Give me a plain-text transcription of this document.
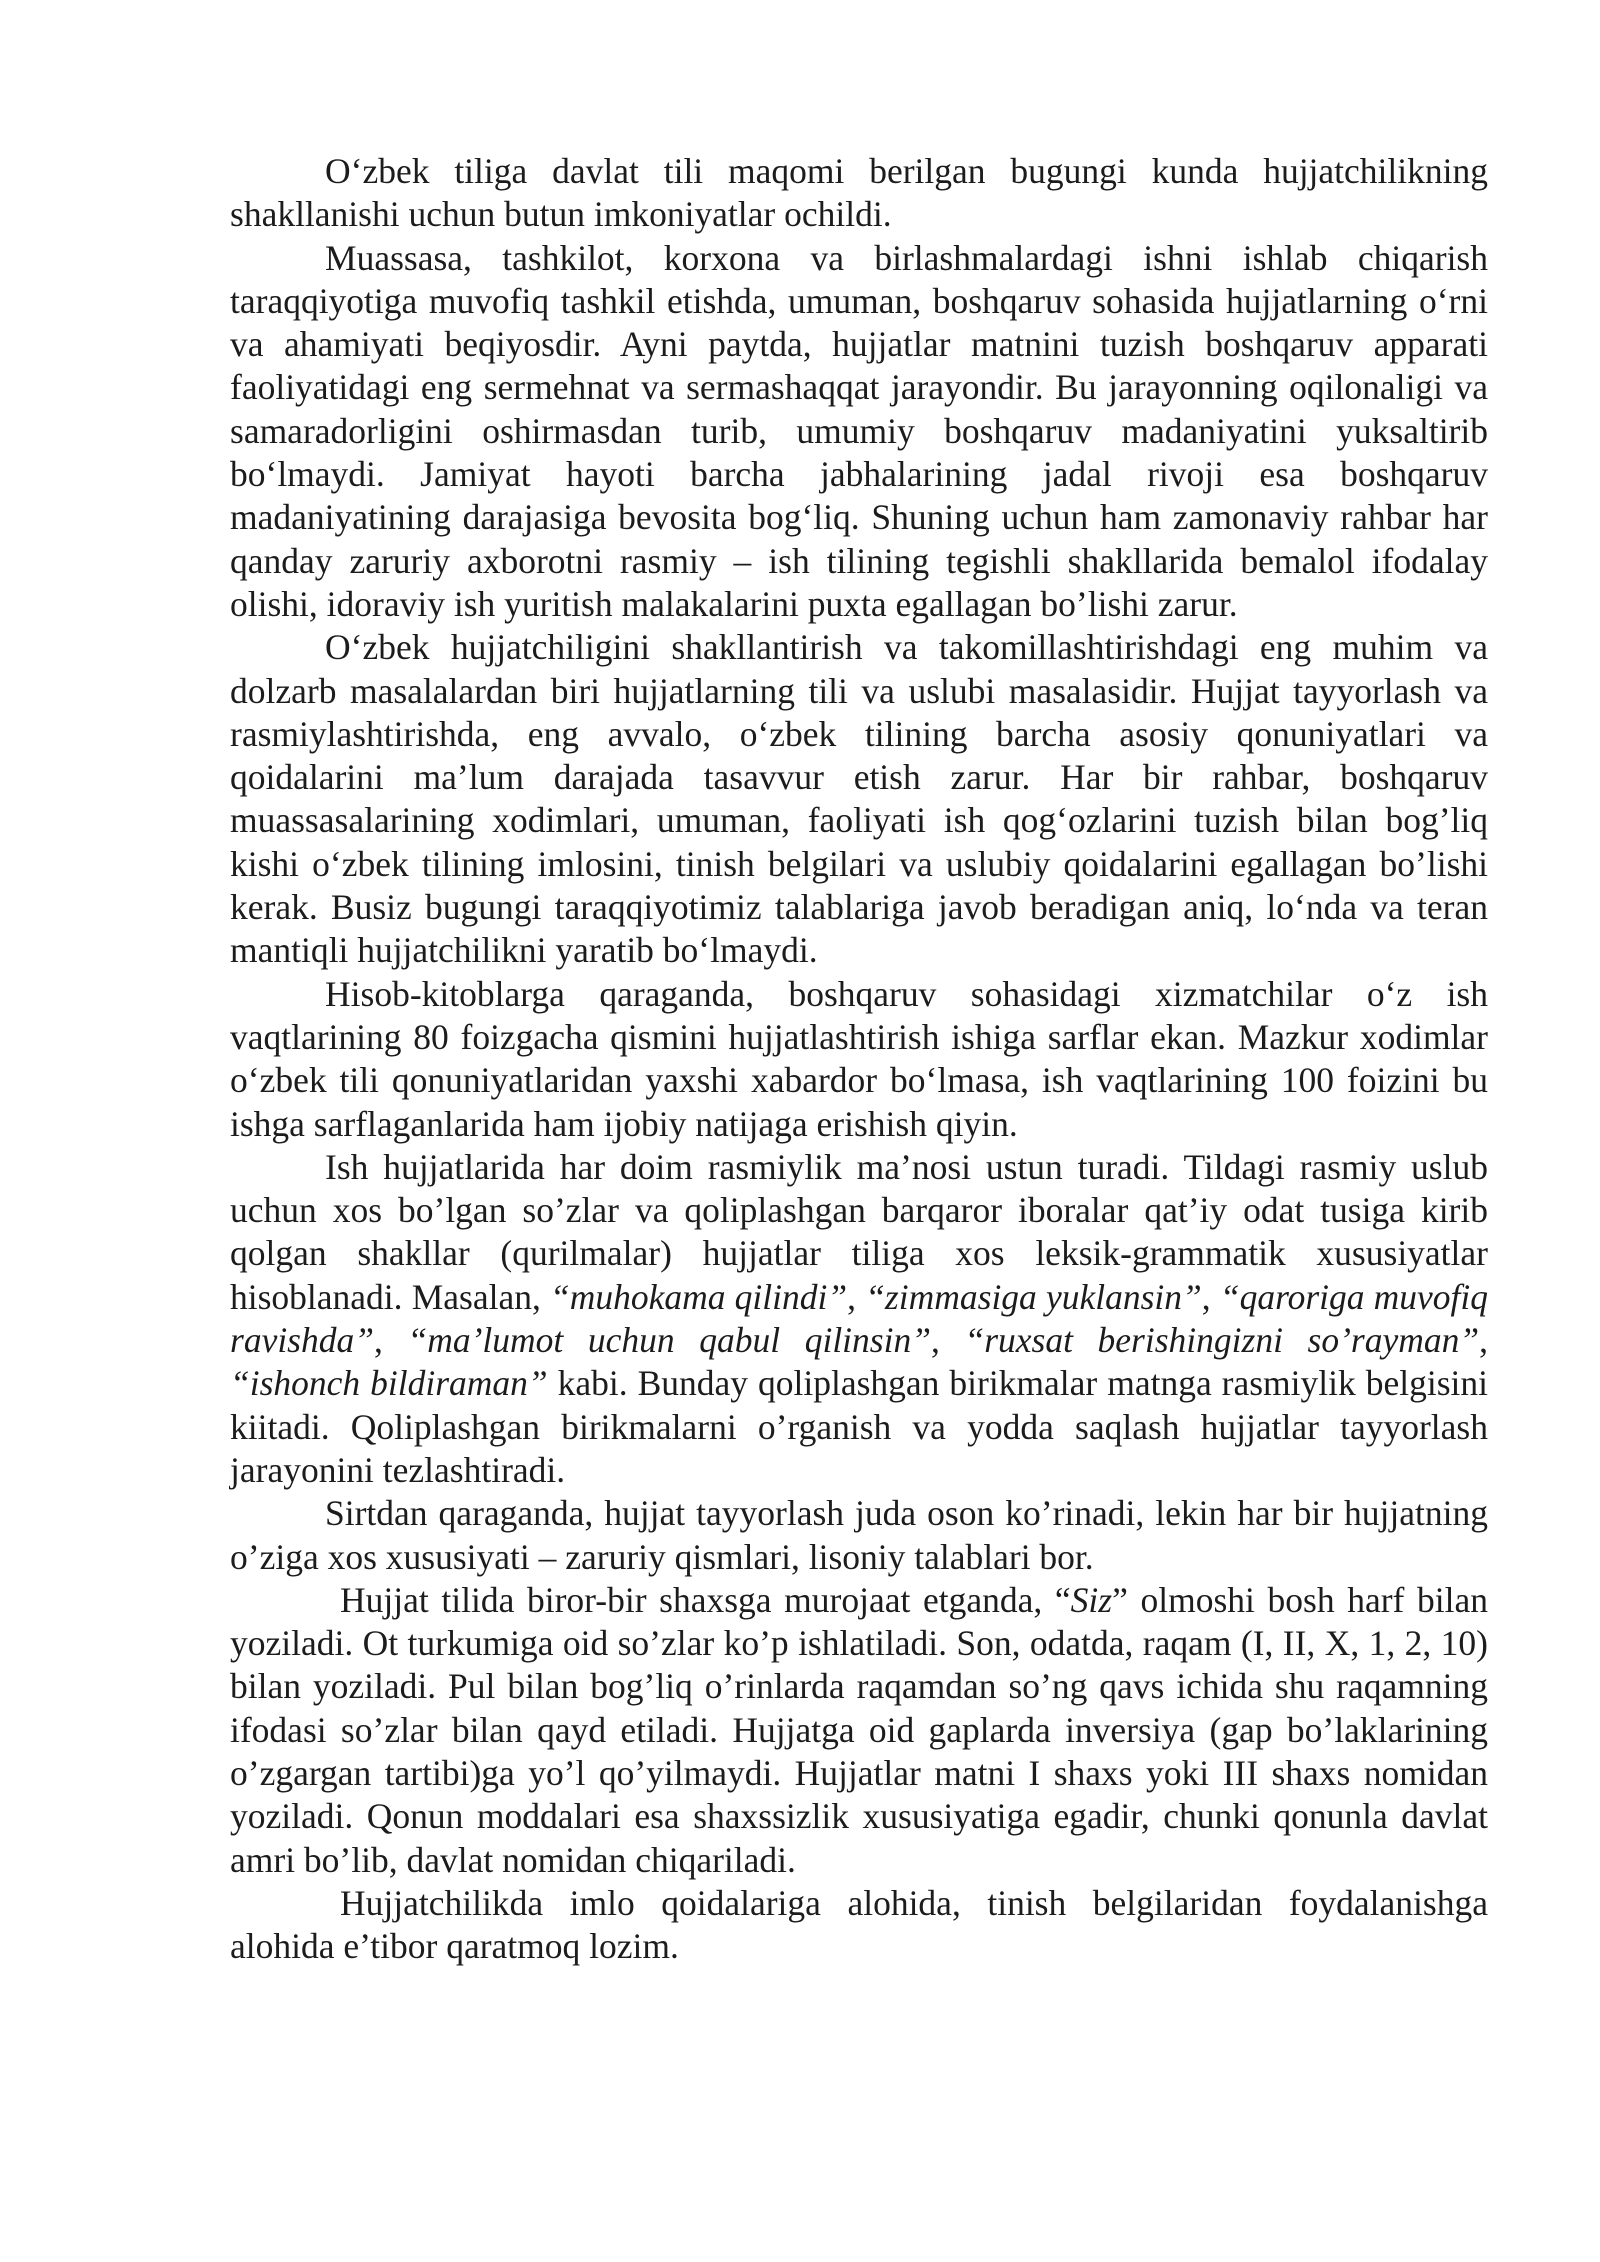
O‘zbek tiliga davlat tili maqomi berilgan bugungi kunda hujjatchilikning shakllanishi uchun butun imkoniyatlar ochildi.

Muassasa, tashkilot, korxona va birlashmalardagi ishni ishlab chiqarish taraqqiyotiga muvofiq tashkil etishda, umuman, boshqaruv sohasida hujjatlarning o‘rni va ahamiyati beqiyosdir. Ayni paytda, hujjatlar matnini tuzish boshqaruv apparati faoliyatidagi eng sermehnat va sermashaqqat jarayondir. Bu jarayonning oqilonaligi va samaradorligini oshirmasdan turib, umumiy boshqaruv madaniyatini yuksaltirib bo‘lmaydi. Jamiyat hayoti barcha jabhalarining jadal rivoji esa boshqaruv madaniyatining darajasiga bevosita bog‘liq. Shuning uchun ham zamonaviy rahbar har qanday zaruriy axborotni rasmiy – ish tilining tegishli shakllarida bemalol ifodalay olishi, idoraviy ish yuritish malakalarini puxta egallagan bo’lishi zarur.

O‘zbek hujjatchiligini shakllantirish va takomillashtirishdagi eng muhim va dolzarb masalalardan biri hujjatlarning tili va uslubi masalasidir. Hujjat tayyorlash va rasmiylashtirishda, eng avvalo, o‘zbek tilining barcha asosiy qonuniyatlari va qoidalarini ma’lum darajada tasavvur etish zarur. Har bir rahbar, boshqaruv muassasalarining xodimlari, umuman, faoliyati ish qog‘ozlarini tuzish bilan bog’liq kishi o‘zbek tilining imlosini, tinish belgilari va uslubiy qoidalarini egallagan bo’lishi kerak. Busiz bugungi taraqqiyotimiz talablariga javob beradigan aniq, lo‘nda va teran mantiqli hujjatchilikni yaratib bo‘lmaydi.

Hisob-kitoblarga qaraganda, boshqaruv sohasidagi xizmatchilar o‘z ish vaqtlarining 80 foizgacha qismini hujjatlashtirish ishiga sarflar ekan. Mazkur xodimlar o‘zbek tili qonuniyatlaridan yaxshi xabardor bo‘lmasa, ish vaqtlarining 100 foizini bu ishga sarflaganlarida ham ijobiy natijaga erishish qiyin.

Ish hujjatlarida har doim rasmiylik ma’nosi ustun turadi. Tildagi rasmiy uslub uchun xos bo’lgan so’zlar va qoliplashgan barqaror iboralar qat’iy odat tusiga kirib qolgan shakllar (qurilmalar) hujjatlar tiliga xos leksik-grammatik xususiyatlar hisoblanadi. Masalan, “muhokama qilindi”, “zimmasiga yuklansin”, “qaroriga muvofiq ravishda”, “ma’lumot uchun qabul qilinsin”, “ruxsat berishingizni so’rayman”, “ishonch bildiraman” kabi. Bunday qoliplashgan birikmalar matnga rasmiylik belgisini kiitadi. Qoliplashgan birikmalarni o’rganish va yodda saqlash hujjatlar tayyorlash jarayonini tezlashtiradi.

Sirtdan qaraganda, hujjat tayyorlash juda oson ko’rinadi, lekin har bir hujjatning o’ziga xos xususiyati – zaruriy qismlari, lisoniy talablari bor.

Hujjat tilida biror-bir shaxsga murojaat etganda, “Siz” olmoshi bosh harf bilan yoziladi. Ot turkumiga oid so’zlar ko’p ishlatiladi. Son, odatda, raqam (I, II, X, 1, 2, 10) bilan yoziladi. Pul bilan bog’liq o’rinlarda raqamdan so’ng qavs ichida shu raqamning ifodasi so’zlar bilan qayd etiladi. Hujjatga oid gaplarda inversiya (gap bo’laklarining o’zgargan tartibi)ga yo’l qo’yilmaydi. Hujjatlar matni I shaxs yoki III shaxs nomidan yoziladi. Qonun moddalari esa shaxssizlik xususiyatiga egadir, chunki qonunla davlat amri bo’lib, davlat nomidan chiqariladi.

Hujjatchilikda imlo qoidalariga alohida, tinish belgilaridan foydalanishga alohida e’tibor qaratmoq lozim.
